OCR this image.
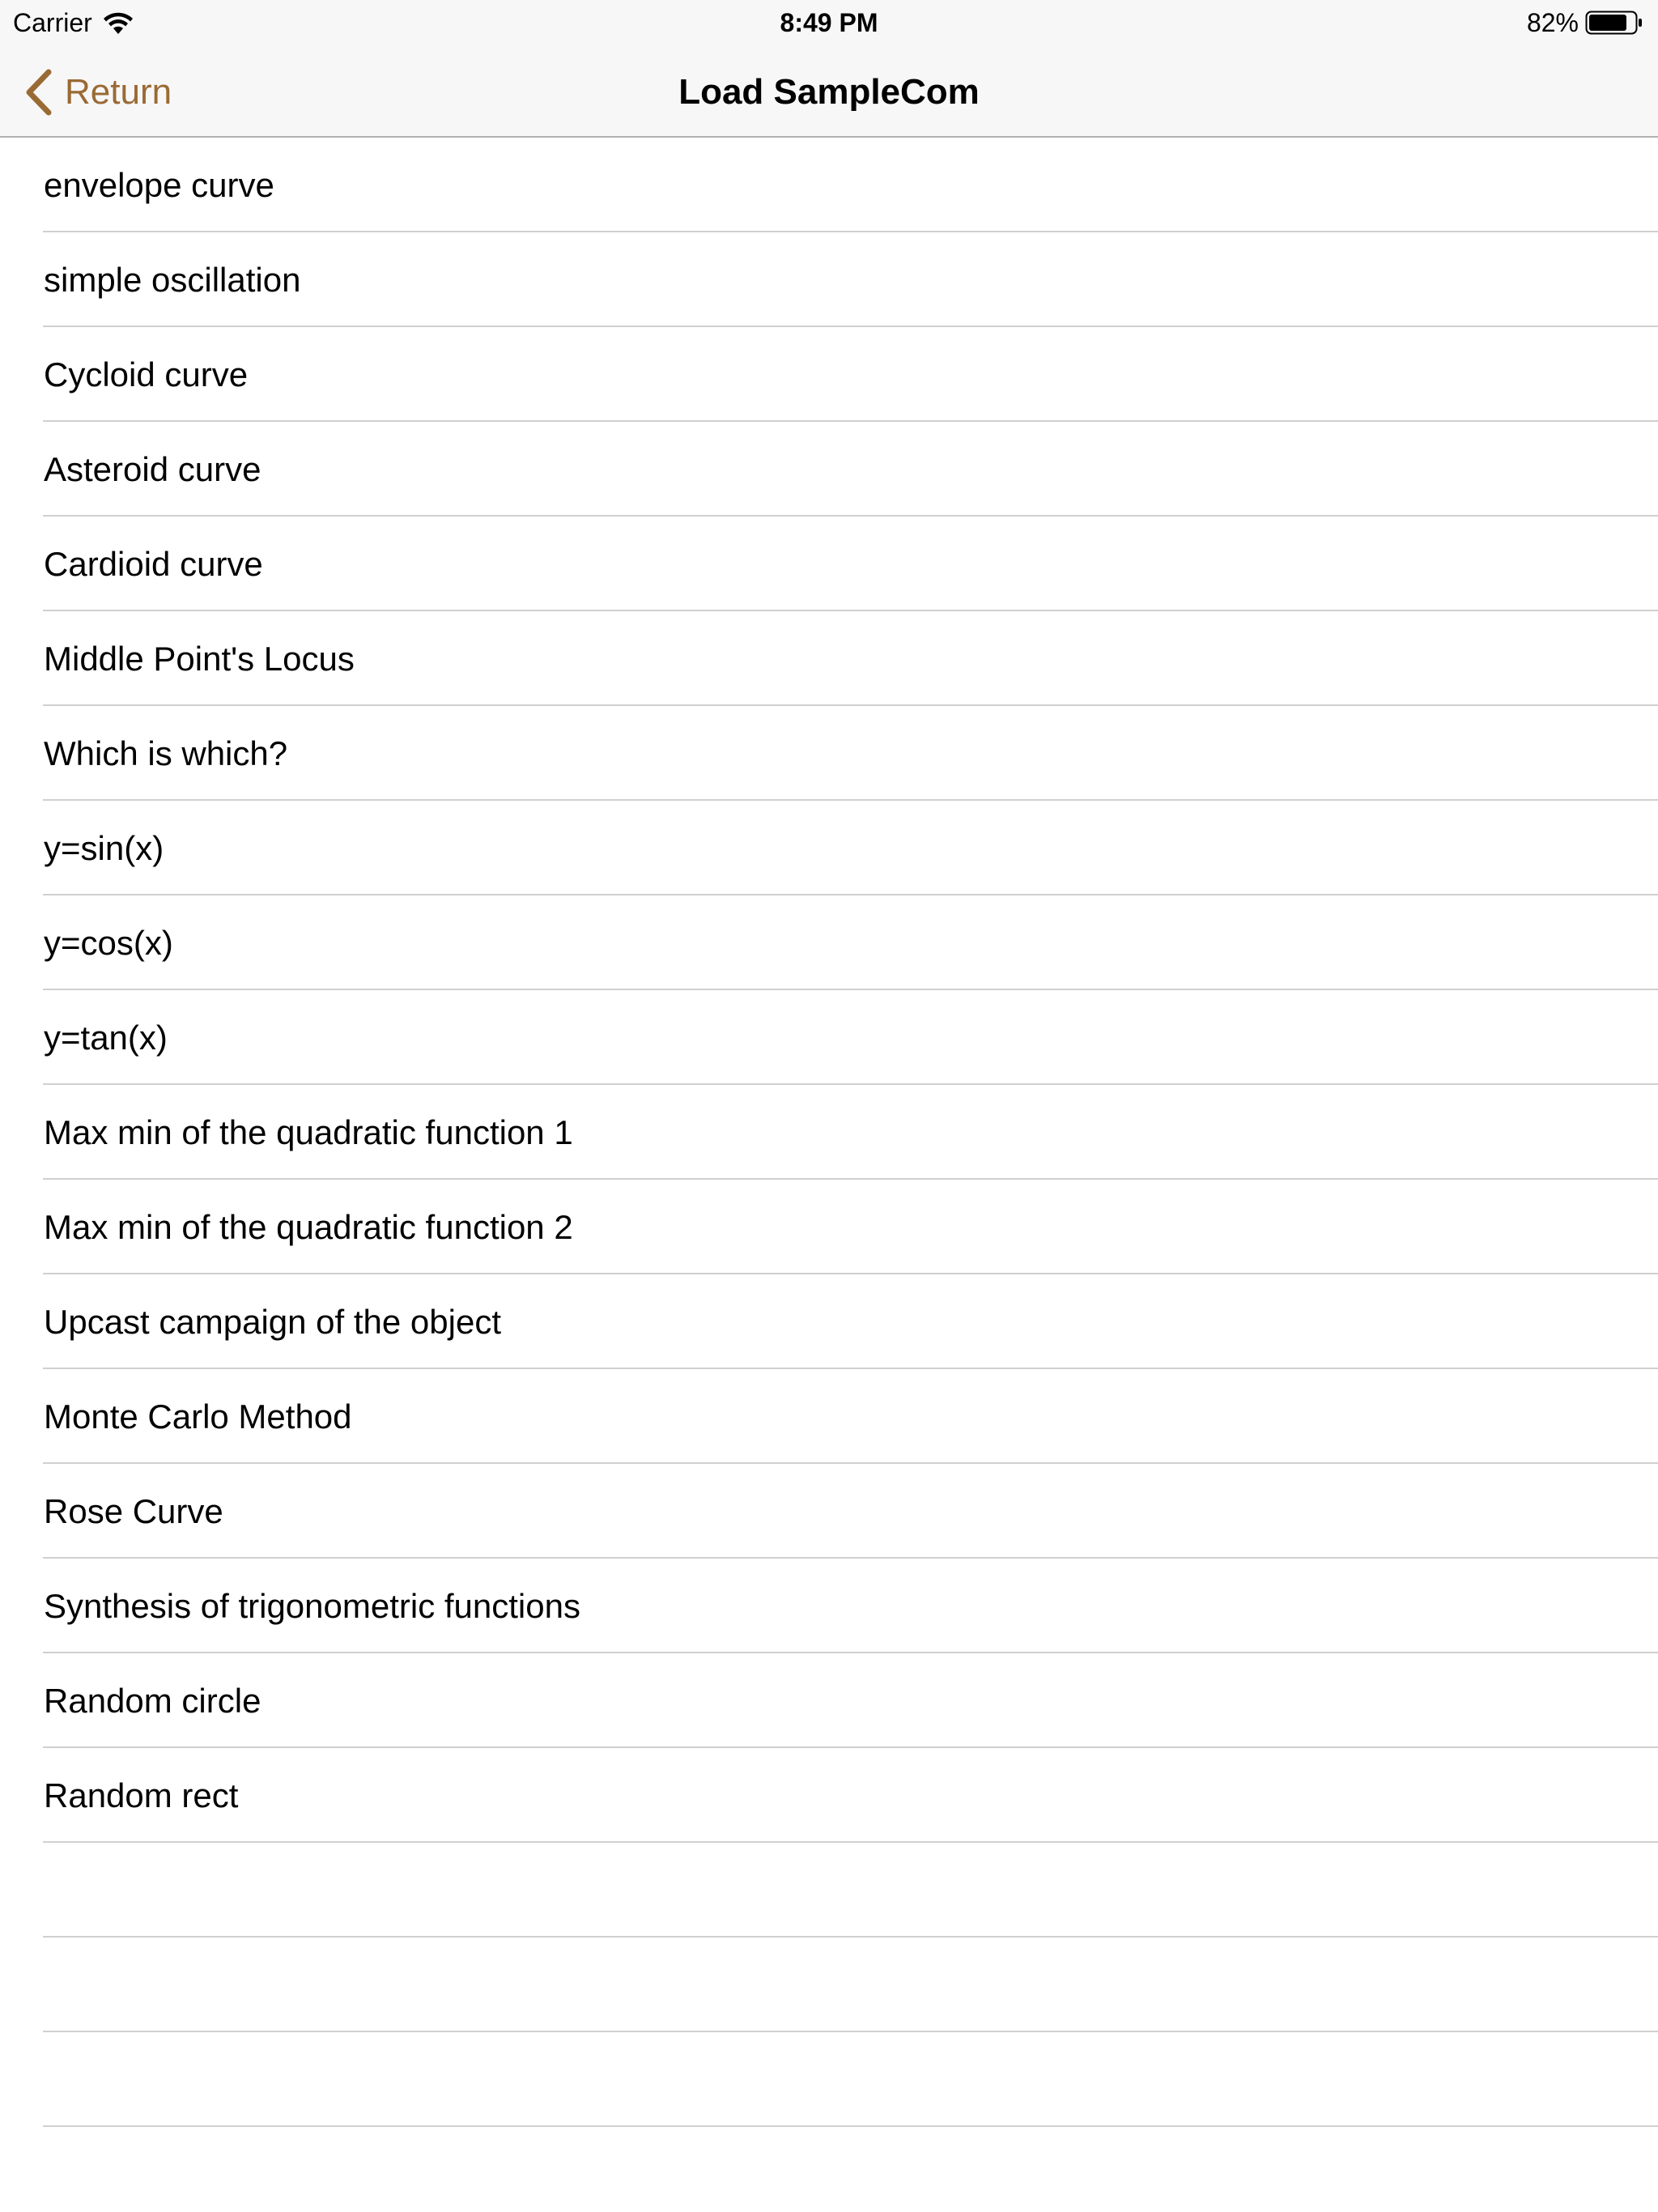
Carrier	8:49 PM	82%
Return	Load SampleCom
envelope curve
simple oscillation
Cycloid curve
Asteroid curve
Cardioid curve
Middle Point's Locus
Which is which?
y=sin(x)
y=cos(x)
y=tan(x)
Max min of the quadratic function 1
Max min of the quadratic function 2
Upcast campaign of the object
Monte Carlo Method
Rose Curve
Synthesis of trigonometric functions
Random circle
Random rect
